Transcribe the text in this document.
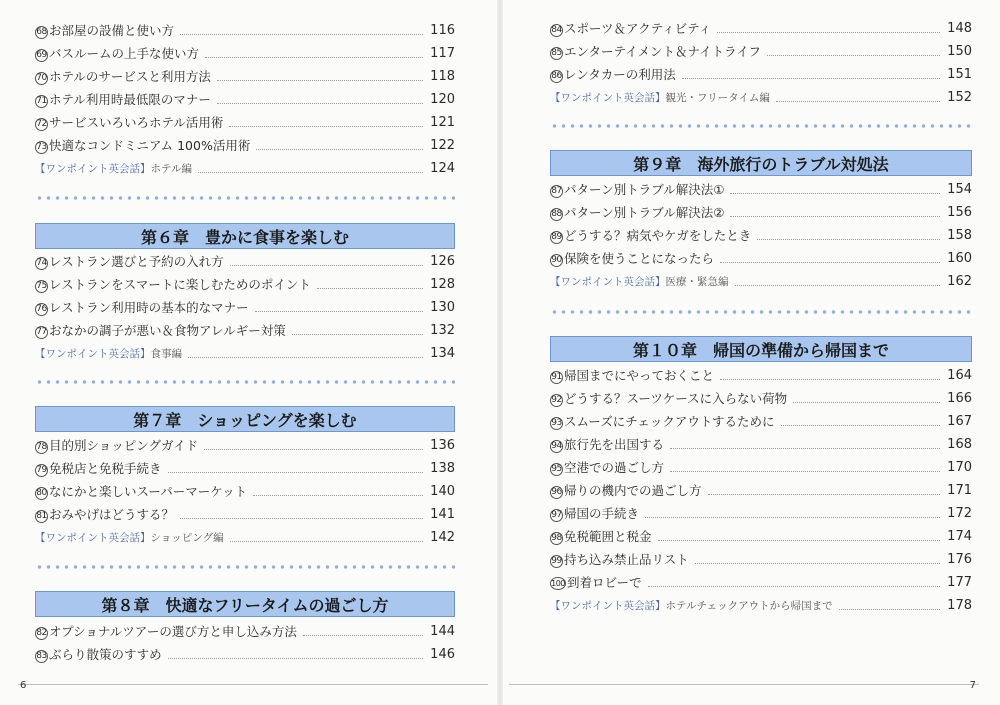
68 お部屋の設備と使い方	116
69 バスルームの上手な使い方	117
70 ホテルのサービスと利用方法	118
71 ホテル利用時最低限のマナー	120
72 サービスいろいろホテル活用術	121
73 快適なコンドミニアム 100%活用術	122
【ワンポイント英会話】ホテル編	124
第６章 豊かに食事を楽しむ
74 レストラン選びと予約の入れ方	126
75 レストランをスマートに楽しむためのポイント	128
76 レストラン利用時の基本的なマナー	130
77 おなかの調子が悪い＆食物アレルギー対策	132
【ワンポイント英会話】食事編	134
第７章 ショッピングを楽しむ
78 目的別ショッピングガイド	136
79 免税店と免税手続き	138
80 なにかと楽しいスーパーマーケット	140
81 おみやげはどうする？	141
【ワンポイント英会話】ショッピング編	142
第８章 快適なフリータイムの過ごし方
82 オプショナルツアーの選び方と申し込み方法	144
83 ぶらり散策のすすめ	146
6
84 スポーツ＆アクティビティ	148
85 エンターテイメント＆ナイトライフ	150
86 レンタカーの利用法	151
【ワンポイント英会話】観光・フリータイム編	152
第９章 海外旅行のトラブル対処法
87 パターン別トラブル解決法①	154
88 パターン別トラブル解決法②	156
89 どうする？病気やケガをしたとき	158
90 保険を使うことになったら	160
【ワンポイント英会話】医療・緊急編	162
第１０章 帰国の準備から帰国まで
91 帰国までにやっておくこと	164
92 どうする？スーツケースに入らない荷物	166
93 スムーズにチェックアウトするために	167
94 旅行先を出国する	168
95 空港での過ごし方	170
96 帰りの機内での過ごし方	171
97 帰国の手続き	172
98 免税範囲と税金	174
99 持ち込み禁止品リスト	176
100 到着ロビーで	177
【ワンポイント英会話】ホテルチェックアウトから帰国まで	178
7
